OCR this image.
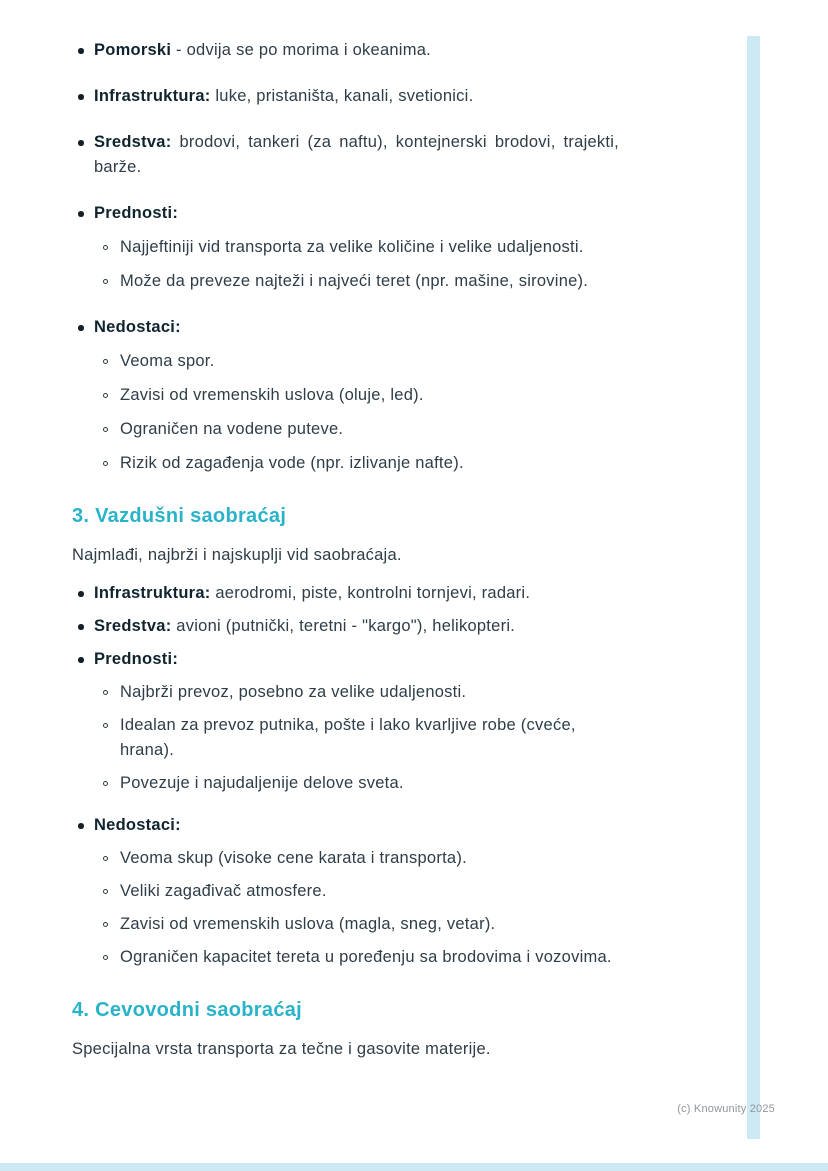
Pomorski - odvija se po morima i okeanima.
Infrastruktura: luke, pristaništa, kanali, svetionici.
Sredstva: brodovi, tankeri (za naftu), kontejnerski brodovi, trajekti, barže.
Prednosti:
Najjeftiniji vid transporta za velike količine i velike udaljenosti.
Može da preveze najteži i najveći teret (npr. mašine, sirovine).
Nedostaci:
Veoma spor.
Zavisi od vremenskih uslova (oluje, led).
Ograničen na vodene puteve.
Rizik od zagađenja vode (npr. izlivanje nafte).
3. Vazdušni saobraćaj

Najmlađi, najbrži i najskuplji vid saobraćaja.

Infrastruktura: aerodromi, piste, kontrolni tornjevi, radari.
Sredstva: avioni (putnički, teretni - "kargo"), helikopteri.
Prednosti:
Najbrži prevoz, posebno za velike udaljenosti.
Idealan za prevoz putnika, pošte i lako kvarljive robe (cveće, hrana).
Povezuje i najudaljenije delove sveta.
Nedostaci:
Veoma skup (visoke cene karata i transporta).
Veliki zagađivač atmosfere.
Zavisi od vremenskih uslova (magla, sneg, vetar).
Ograničen kapacitet tereta u poređenju sa brodovima i vozovima.
4. Cevovodni saobraćaj

Specijalna vrsta transporta za tečne i gasovite materije.

(c) Knowunity 2025
